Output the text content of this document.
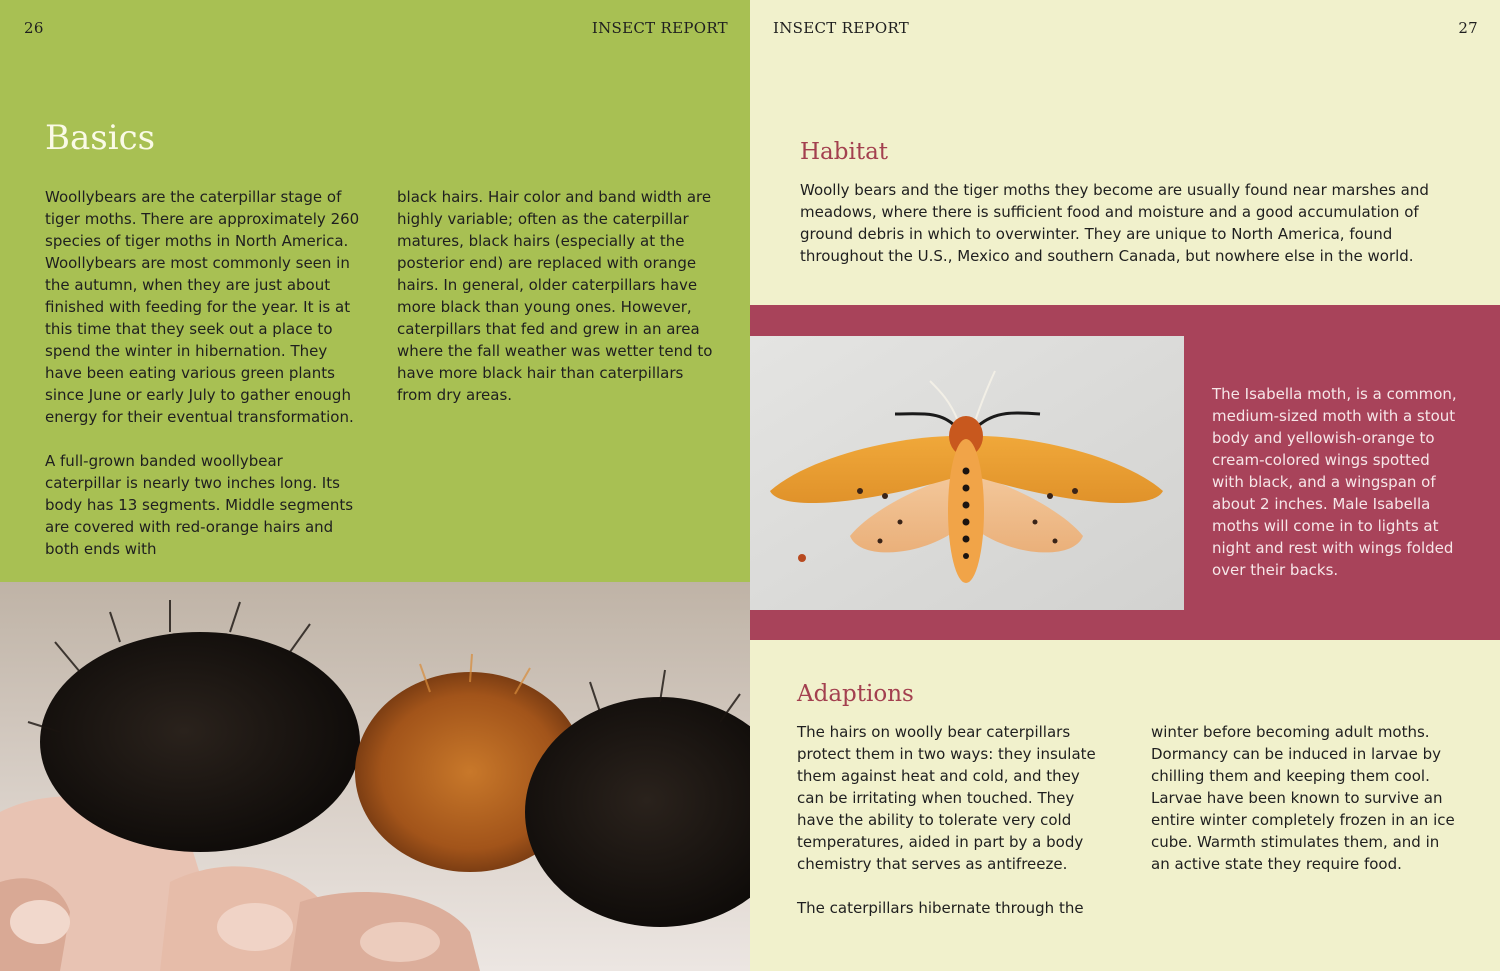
26	INSECT REPORT
Basics

Woollybears are the caterpillar stage of tiger moths. There are approximately 260 species of tiger moths in North America. Woollybears are most commonly seen in the autumn, when they are just about finished with feeding for the year. It is at this time that they seek out a place to spend the winter in hibernation. They have been eating various green plants since June or early July to gather enough energy for their eventual transformation.

A full-grown banded woollybear caterpillar is nearly two inches long. Its body has 13 segments. Middle segments are covered with red-orange hairs and both ends with

black hairs. Hair color and band width are highly variable; often as the caterpillar matures, black hairs (especially at the posterior end) are replaced with orange hairs. In general, older caterpillars have more black than young ones. However, caterpillars that fed and grew in an area where the fall weather was wetter tend to have more black hair than caterpillars from dry areas.

INSECT REPORT	27
Habitat
Woolly bears and the tiger moths they become are usually found near marshes and meadows, where there is sufficient food and moisture and a good accumulation of ground debris in which to overwinter. They are unique to North America, found throughout the U.S., Mexico and southern Canada, but nowhere else in the world.
The Isabella moth, is a common, medium-sized moth with a stout body and yellowish-orange to cream-colored wings spotted with black, and a wingspan of about 2 inches. Male Isabella moths will come in to lights at night and rest with wings folded over their backs.
Adaptions

The hairs on woolly bear caterpillars protect them in two ways: they insulate them against heat and cold, and they can be irritating when touched. They have the ability to tolerate very cold temperatures, aided in part by a body chemistry that serves as antifreeze.

The caterpillars hibernate through the

winter before becoming adult moths. Dormancy can be induced in larvae by chilling them and keeping them cool. Larvae have been known to survive an entire winter completely frozen in an ice cube. Warmth stimulates them, and in an active state they require food.
